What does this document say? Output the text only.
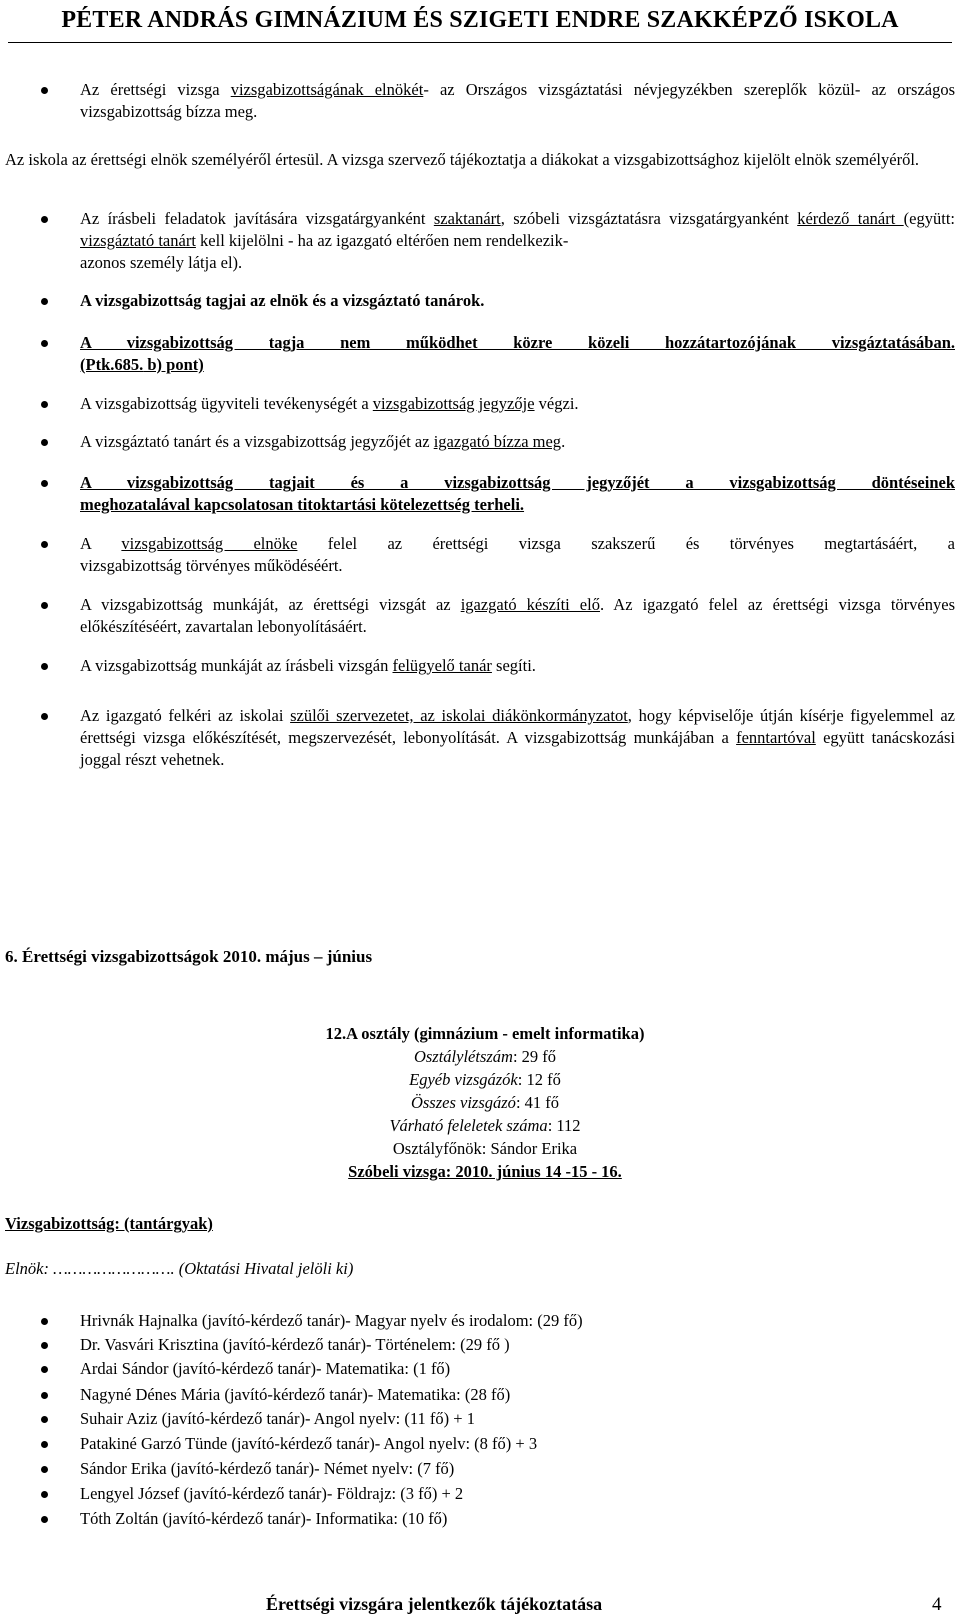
PÉTER ANDRÁS GIMNÁZIUM ÉS SZIGETI ENDRE SZAKKÉPZŐ ISKOLA
Az érettségi vizsga vizsgabizottságának elnökét- az Országos vizsgáztatási névjegyzékben szereplők közül- az országos vizsgabizottság bízza meg.
Az iskola az érettségi elnök személyéről értesül. A vizsga szervező tájékoztatja a diákokat a vizsgabizottsághoz kijelölt elnök személyéről.
Az írásbeli feladatok javítására vizsgatárgyanként szaktanárt, szóbeli vizsgáztatásra vizsgatárgyanként kérdező tanárt (együtt: vizsgáztató tanárt kell kijelölni - ha az igazgató eltérően nem rendelkezik-
azonos személy látja el).
A vizsgabizottság tagjai az elnök és a vizsgáztató tanárok.
A vizsgabizottság tagja nem működhet közre közeli hozzátartozójának vizsgáztatásában.
(Ptk.685. b) pont)
A vizsgabizottság ügyviteli tevékenységét a vizsgabizottság jegyzője végzi.
A vizsgáztató tanárt és a vizsgabizottság jegyzőjét az igazgató bízza meg.
A vizsgabizottság tagjait és a vizsgabizottság jegyzőjét a vizsgabizottság döntéseinek
meghozatalával kapcsolatosan titoktartási kötelezettség terheli.
A vizsgabizottság elnöke felel az érettségi vizsga szakszerű és törvényes megtartásáért, a
vizsgabizottság törvényes működéséért.
A vizsgabizottság munkáját, az érettségi vizsgát az igazgató készíti elő. Az igazgató felel az érettségi vizsga törvényes előkészítéséért, zavartalan lebonyolításáért.
A vizsgabizottság munkáját az írásbeli vizsgán felügyelő tanár segíti.
Az igazgató felkéri az iskolai szülői szervezetet, az iskolai diákönkormányzatot, hogy képviselője útján kísérje figyelemmel az érettségi vizsga előkészítését, megszervezését, lebonyolítását. A vizsgabizottság munkájában a fenntartóval együtt tanácskozási joggal részt vehetnek.
6. Érettségi vizsgabizottságok 2010. május – június
12.A osztály (gimnázium - emelt informatika)
Osztálylétszám: 29 fő
Egyéb vizsgázók: 12 fő
Összes vizsgázó: 41 fő
Várható feleletek száma: 112
Osztályfőnök: Sándor Erika
Szóbeli vizsga: 2010. június 14 -15 - 16.
Vizsgabizottság: (tantárgyak)
Elnök: ……………………. (Oktatási Hivatal jelöli ki)
Hrivnák Hajnalka (javító-kérdező tanár)- Magyar nyelv és irodalom: (29 fő)
Dr. Vasvári Krisztina (javító-kérdező tanár)- Történelem: (29 fő )
Ardai Sándor (javító-kérdező tanár)- Matematika: (1 fő)
Nagyné Dénes Mária (javító-kérdező tanár)- Matematika: (28 fő)
Suhair Aziz (javító-kérdező tanár)- Angol nyelv: (11 fő) + 1
Patakiné Garzó Tünde (javító-kérdező tanár)- Angol nyelv: (8 fő) + 3
Sándor Erika (javító-kérdező tanár)- Német nyelv: (7 fő)
Lengyel József (javító-kérdező tanár)- Földrajz: (3 fő) + 2
Tóth Zoltán (javító-kérdező tanár)- Informatika: (10 fő)
Érettségi vizsgára jelentkezők tájékoztatása	4
